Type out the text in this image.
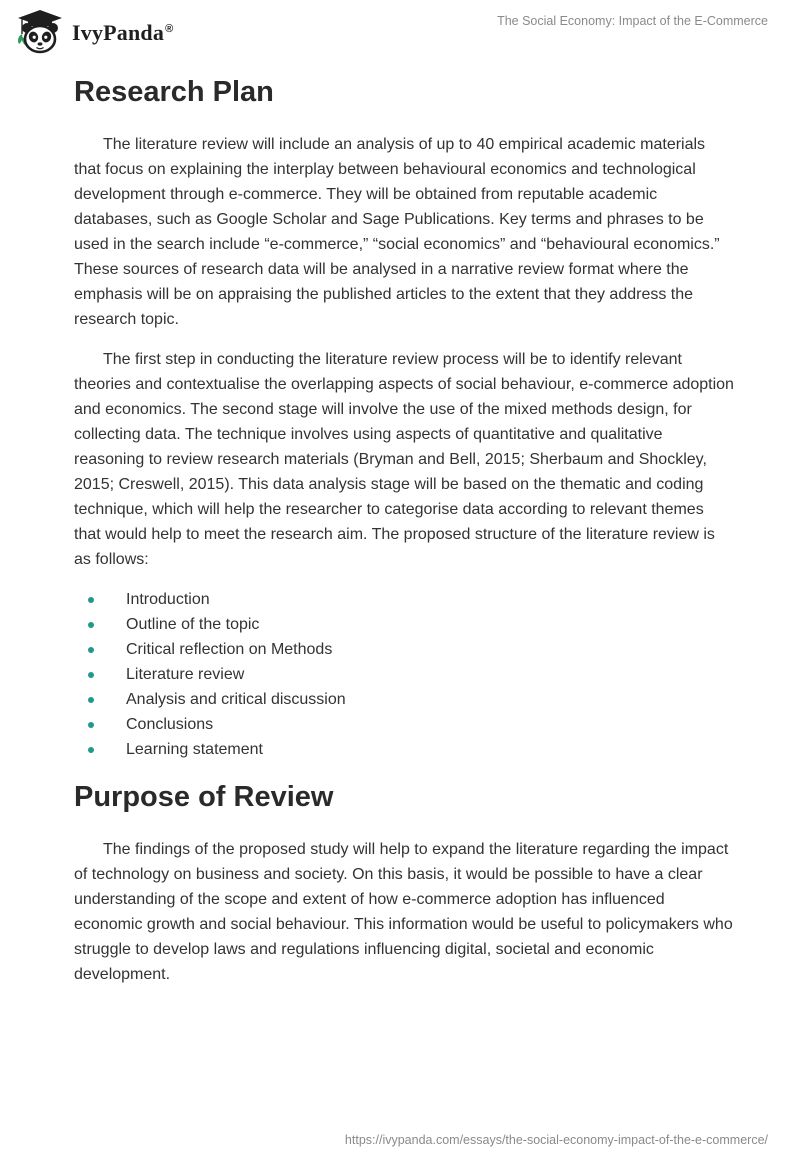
IvyPanda®
The Social Economy: Impact of the E-Commerce
Research Plan

The literature review will include an analysis of up to 40 empirical academic materials that focus on explaining the interplay between behavioural economics and technological development through e-commerce. They will be obtained from reputable academic databases, such as Google Scholar and Sage Publications. Key terms and phrases to be used in the search include “e-commerce,” “social economics” and “behavioural economics.” These sources of research data will be analysed in a narrative review format where the emphasis will be on appraising the published articles to the extent that they address the research topic.

The first step in conducting the literature review process will be to identify relevant theories and contextualise the overlapping aspects of social behaviour, e-commerce adoption and economics. The second stage will involve the use of the mixed methods design, for collecting data. The technique involves using aspects of quantitative and qualitative reasoning to review research materials (Bryman and Bell, 2015; Sherbaum and Shockley, 2015; Creswell, 2015). This data analysis stage will be based on the thematic and coding technique, which will help the researcher to categorise data according to relevant themes that would help to meet the research aim. The proposed structure of the literature review is as follows:

Introduction
Outline of the topic
Critical reflection on Methods
Literature review
Analysis and critical discussion
Conclusions
Learning statement
Purpose of Review

The findings of the proposed study will help to expand the literature regarding the impact of technology on business and society. On this basis, it would be possible to have a clear understanding of the scope and extent of how e-commerce adoption has influenced economic growth and social behaviour. This information would be useful to policymakers who struggle to develop laws and regulations influencing digital, societal and economic development.

https://ivypanda.com/essays/the-social-economy-impact-of-the-e-commerce/
